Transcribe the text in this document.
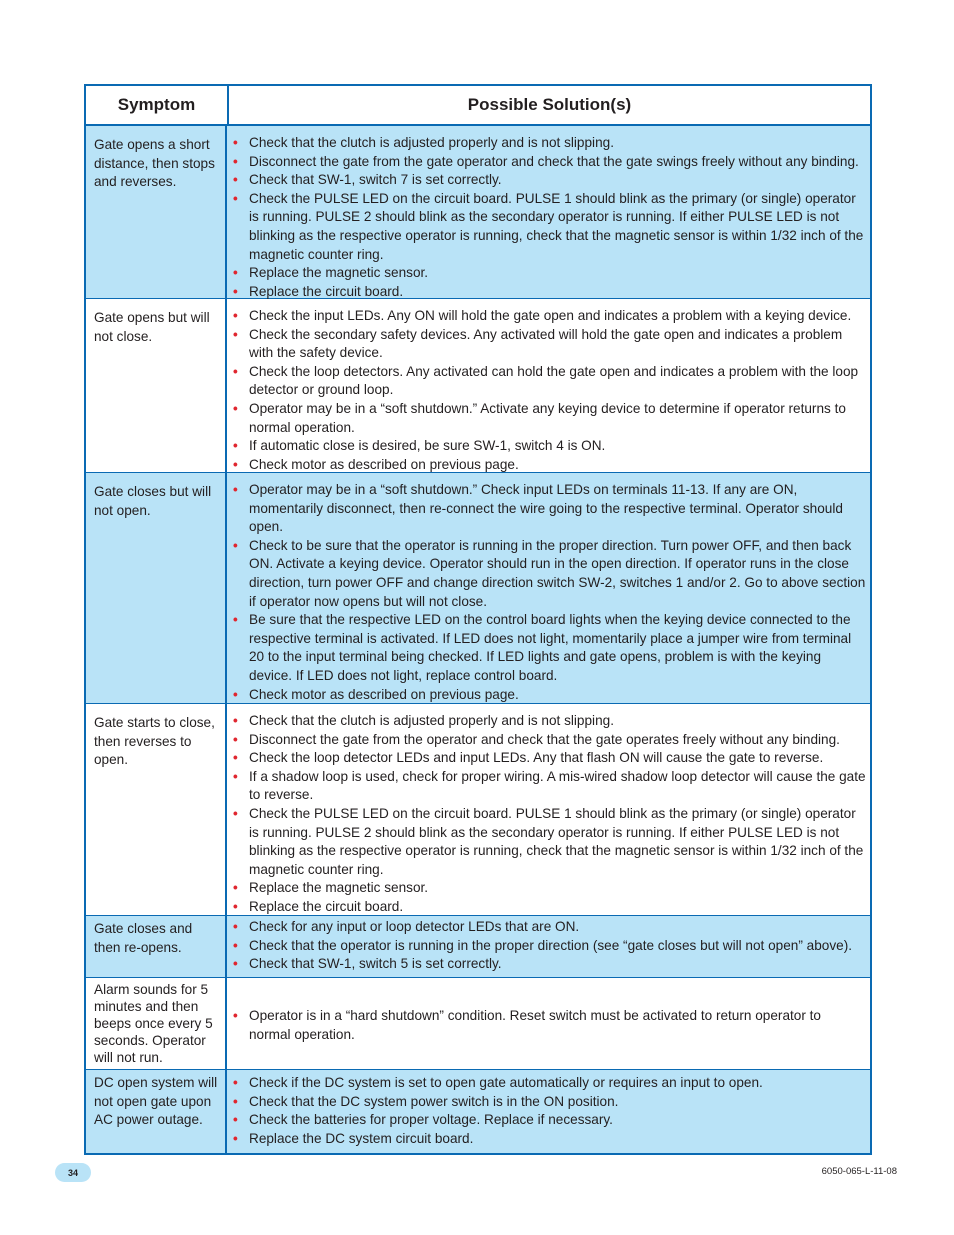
Symptom	Possible Solution(s)
Gate opens a short distance, then stops and reverses.
• Check that the clutch is adjusted properly and is not slipping.
• Disconnect the gate from the gate operator and check that the gate swings freely without any binding.
• Check that SW-1, switch 7 is set correctly.
• Check the PULSE LED on the circuit board. PULSE 1 should blink as the primary (or single) operator is running. PULSE 2 should blink as the secondary operator is running. If either PULSE LED is not blinking as the respective operator is running, check that the magnetic sensor is within 1/32 inch of the magnetic counter ring.
• Replace the magnetic sensor.
• Replace the circuit board.
Gate opens but will not close.
• Check the input LEDs. Any ON will hold the gate open and indicates a problem with a keying device.
• Check the secondary safety devices. Any activated will hold the gate open and indicates a problem with the safety device.
• Check the loop detectors. Any activated can hold the gate open and indicates a problem with the loop detector or ground loop.
• Operator may be in a “soft shutdown.” Activate any keying device to determine if operator returns to normal operation.
• If automatic close is desired, be sure SW-1, switch 4 is ON.
• Check motor as described on previous page.
Gate closes but will not open.
• Operator may be in a “soft shutdown.” Check input LEDs on terminals 11-13. If any are ON, momentarily disconnect, then re-connect the wire going to the respective terminal. Operator should open.
• Check to be sure that the operator is running in the proper direction. Turn power OFF, and then back ON. Activate a keying device. Operator should run in the open direction. If operator runs in the close direction, turn power OFF and change direction switch SW-2, switches 1 and/or 2. Go to above section if operator now opens but will not close.
• Be sure that the respective LED on the control board lights when the keying device connected to the respective terminal is activated. If LED does not light, momentarily place a jumper wire from terminal 20 to the input terminal being checked. If LED lights and gate opens, problem is with the keying device. If LED does not light, replace control board.
• Check motor as described on previous page.
Gate starts to close, then reverses to open.
• Check that the clutch is adjusted properly and is not slipping.
• Disconnect the gate from the operator and check that the gate operates freely without any binding.
• Check the loop detector LEDs and input LEDs. Any that flash ON will cause the gate to reverse.
• If a shadow loop is used, check for proper wiring. A mis-wired shadow loop detector will cause the gate to reverse.
• Check the PULSE LED on the circuit board. PULSE 1 should blink as the primary (or single) operator is running. PULSE 2 should blink as the secondary operator is running. If either PULSE LED is not blinking as the respective operator is running, check that the magnetic sensor is within 1/32 inch of the magnetic counter ring.
• Replace the magnetic sensor.
• Replace the circuit board.
Gate closes and then re-opens.
• Check for any input or loop detector LEDs that are ON.
• Check that the operator is running in the proper direction (see “gate closes but will not open” above).
• Check that SW-1, switch 5 is set correctly.
Alarm sounds for 5 minutes and then beeps once every 5 seconds. Operator will not run.
• Operator is in a “hard shutdown” condition. Reset switch must be activated to return operator to normal operation.
DC open system will not open gate upon AC power outage.
• Check if the DC system is set to open gate automatically or requires an input to open.
• Check that the DC system power switch is in the ON position.
• Check the batteries for proper voltage. Replace if necessary.
• Replace the DC system circuit board.
34	6050-065-L-11-08
